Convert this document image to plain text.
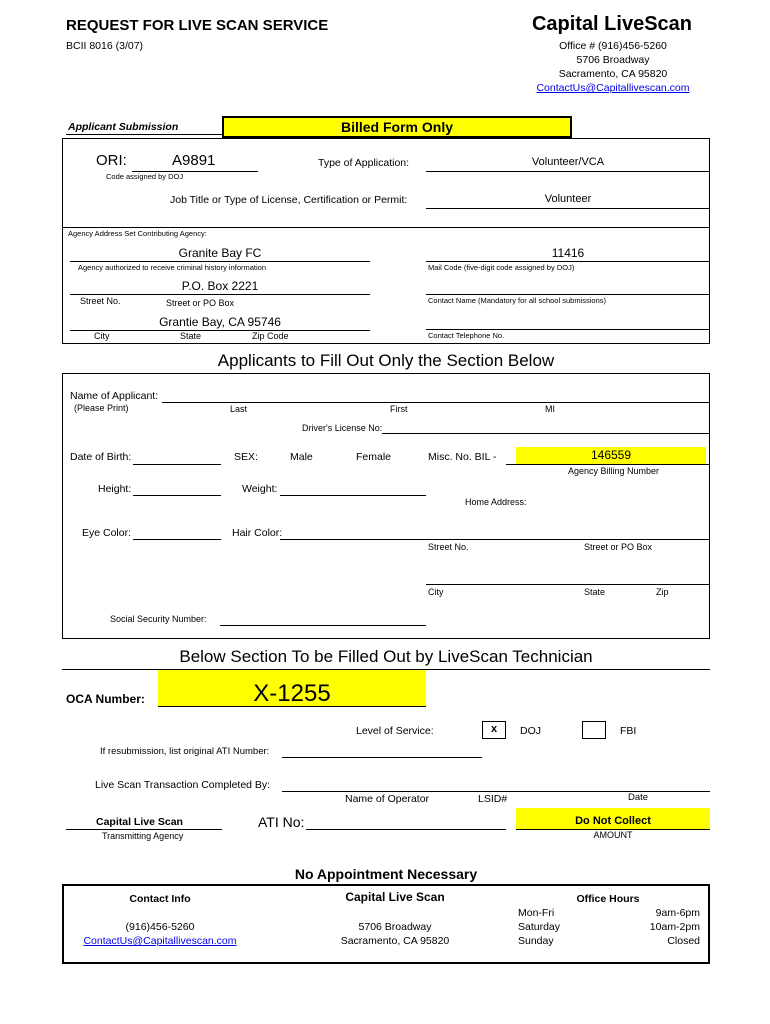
REQUEST FOR LIVE SCAN SERVICE
BCII 8016 (3/07)
Capital LiveScan
Office # (916)456-5260
5706 Broadway
Sacramento, CA 95820
ContactUs@Capitallivescan.com
Applicant Submission	Billed Form Only
ORI:	A9891
Code assigned by DOJ
Type of Application:	Volunteer/VCA
Job Title or Type of License, Certification or Permit:	Volunteer
Agency Address Set Contributing Agency:
Granite Bay FC
Agency authorized to receive criminal history information
11416
Mail Code (five-digit code assigned by DOJ)
P.O. Box 2221
Street No.	Street or PO Box	Contact Name (Mandatory for all school submissions)
Grantie Bay, CA 95746
City	State	Zip Code	Contact Telephone No.
Applicants to Fill Out Only the Section Below
Name of Applicant:
(Please Print)	Last	First	MI
Driver's License No:
Date of Birth:	SEX:	Male	Female	Misc. No. BIL -	146559
Agency Billing Number
Height:	Weight:
Home Address:
Eye Color:	Hair Color:
Street No.	Street or PO Box
City	State	Zip
Social Security Number:
Below Section To be Filled Out by LiveScan Technician
OCA Number:	X-1255
Level of Service:	x	DOJ	FBI
If resubmission, list original ATI Number:
Live Scan Transaction Completed By:
Name of Operator	LSID#	Date
Capital Live Scan
Transmitting Agency
ATI No:	Do Not Collect
AMOUNT
No Appointment Necessary
Contact Info
(916)456-5260
ContactUs@Capitallivescan.com
Capital Live Scan
5706 Broadway
Sacramento, CA 95820
Office Hours
Mon-Fri	9am-6pm
Saturday	10am-2pm
Sunday	Closed
